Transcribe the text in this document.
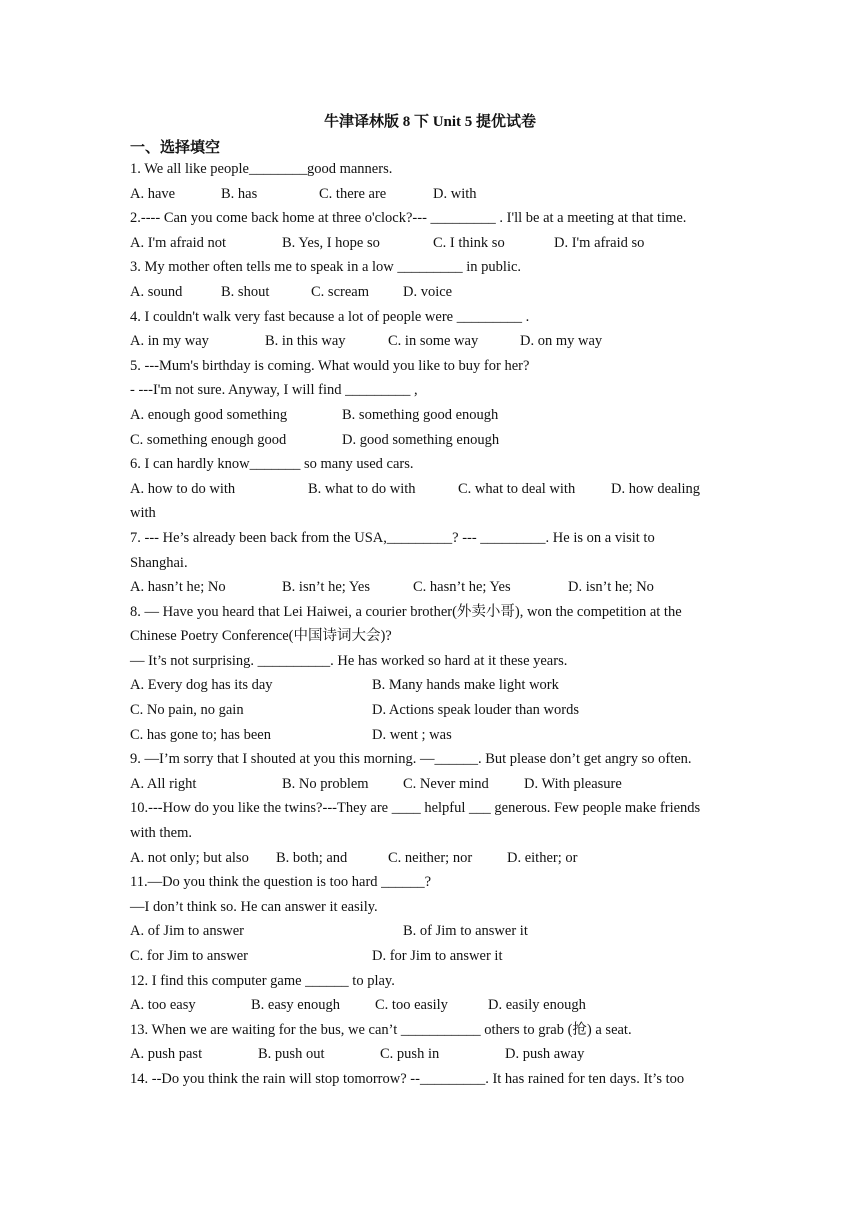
牛津译林版 8 下 Unit 5 提优试卷
一、选择填空
1. We all like people________good manners.
A. have	B. has	C. there are	D. with
2.---- Can you come back home at three o'clock?--- _________ . I'll be at a meeting at that time.
A. I'm afraid not	B. Yes, I hope so	C. I think so	D. I'm afraid so
3. My mother often tells me to speak in a low _________ in public.
A. sound	B. shout	C. scream D. voice
4. I couldn't walk very fast because a lot of people were _________ .
A. in my way	B. in this way	C. in some way	D. on my way
5. ---Mum's birthday is coming. What would you like to buy for her?
- ---I'm not sure. Anyway, I will find _________ ,
A. enough good something	B. something good enough
C. something enough good	D. good something enough
6. I can hardly know_______ so many used cars.
A. how to do with	B. what to do with	C. what to deal with D. how dealing
with
7. --- He’s already been back from the USA,_________? --- _________. He is on a visit to
Shanghai.
A. hasn’t he; No	B. isn’t he; Yes	C. hasn’t he; Yes	D. isn’t he; No
8. — Have you heard that Lei Haiwei, a courier brother(外卖小哥), won the competition at the
Chinese Poetry Conference(中国诗词大会)?
— It’s not surprising. __________. He has worked so hard at it these years.
A. Every dog has its day	B. Many hands make light work
C. No pain, no gain	D. Actions speak louder than words
C. has gone to; has been	D. went ; was
9. —I’m sorry that I shouted at you this morning. —______. But please don’t get angry so often.
A. All right	B. No problem C. Never mind D. With pleasure
10.---How do you like the twins?---They are ____ helpful ___ generous. Few people make friends
with them.
A. not only; but also B. both; and	C. neither; nor D. either; or
11.—Do you think the question is too hard ______?
—I don’t think so. He can answer it easily.
A. of Jim to answer	B. of Jim to answer it
C. for Jim to answer	D. for Jim to answer it
12. I find this computer game ______ to play.
A. too easy	B. easy enough C. too easily	D. easily enough
13. When we are waiting for the bus, we can’t ___________ others to grab (抢) a seat.
A. push past	B. push out	C. push in	D. push away
14. --Do you think the rain will stop tomorrow? --_________. It has rained for ten days. It’s too
